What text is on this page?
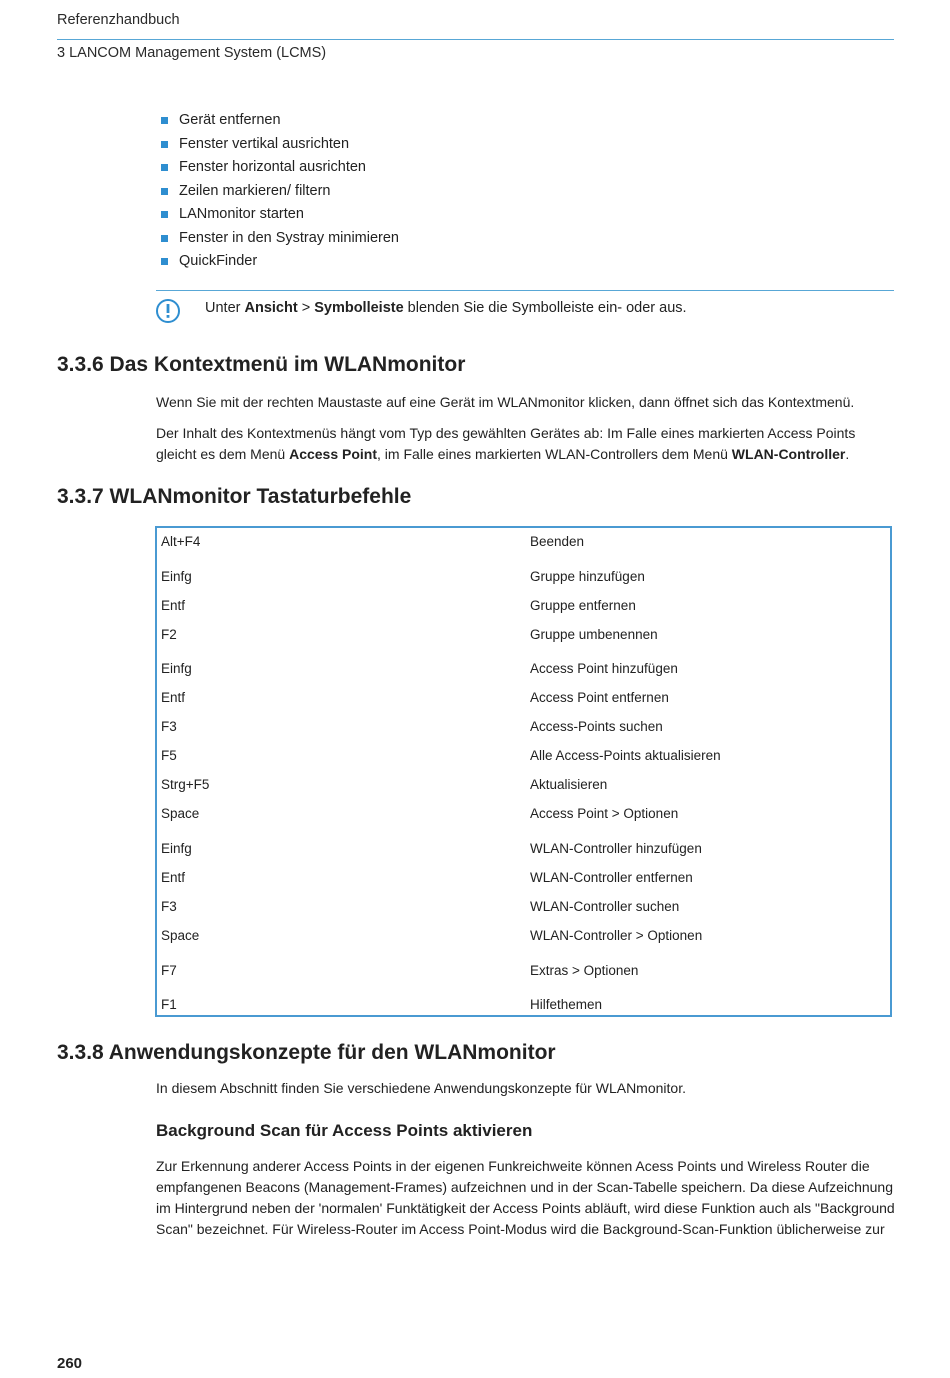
Referenzhandbuch
3 LANCOM Management System (LCMS)
Gerät entfernen
Fenster vertikal ausrichten
Fenster horizontal ausrichten
Zeilen markieren/ filtern
LANmonitor starten
Fenster in den Systray minimieren
QuickFinder
Unter Ansicht > Symbolleiste blenden Sie die Symbolleiste ein- oder aus.
3.3.6 Das Kontextmenü im WLANmonitor

Wenn Sie mit der rechten Maustaste auf eine Gerät im WLANmonitor klicken, dann öffnet sich das Kontextmenü.

Der Inhalt des Kontextmenüs hängt vom Typ des gewählten Gerätes ab: Im Falle eines markierten Access Points gleicht es dem Menü Access Point, im Falle eines markierten WLAN-Controllers dem Menü WLAN-Controller.

3.3.7 WLANmonitor Tastaturbefehle
Alt+F4	Beenden
Einfg	Gruppe hinzufügen
Entf	Gruppe entfernen
F2	Gruppe umbenennen
Einfg	Access Point hinzufügen
Entf	Access Point entfernen
F3	Access-Points suchen
F5	Alle Access-Points aktualisieren
Strg+F5	Aktualisieren
Space	Access Point > Optionen
Einfg	WLAN-Controller hinzufügen
Entf	WLAN-Controller entfernen
F3	WLAN-Controller suchen
Space	WLAN-Controller > Optionen
F7	Extras > Optionen
F1	Hilfethemen
3.3.8 Anwendungskonzepte für den WLANmonitor

In diesem Abschnitt finden Sie verschiedene Anwendungskonzepte für WLANmonitor.

Background Scan für Access Points aktivieren

Zur Erkennung anderer Access Points in der eigenen Funkreichweite können Acess Points und Wireless Router die empfangenen Beacons (Management-Frames) aufzeichnen und in der Scan-Tabelle speichern. Da diese Aufzeichnung im Hintergrund neben der 'normalen' Funktätigkeit der Access Points abläuft, wird diese Funktion auch als "Background Scan" bezeichnet. Für Wireless-Router im Access Point-Modus wird die Background-Scan-Funktion üblicherweise zur

260
